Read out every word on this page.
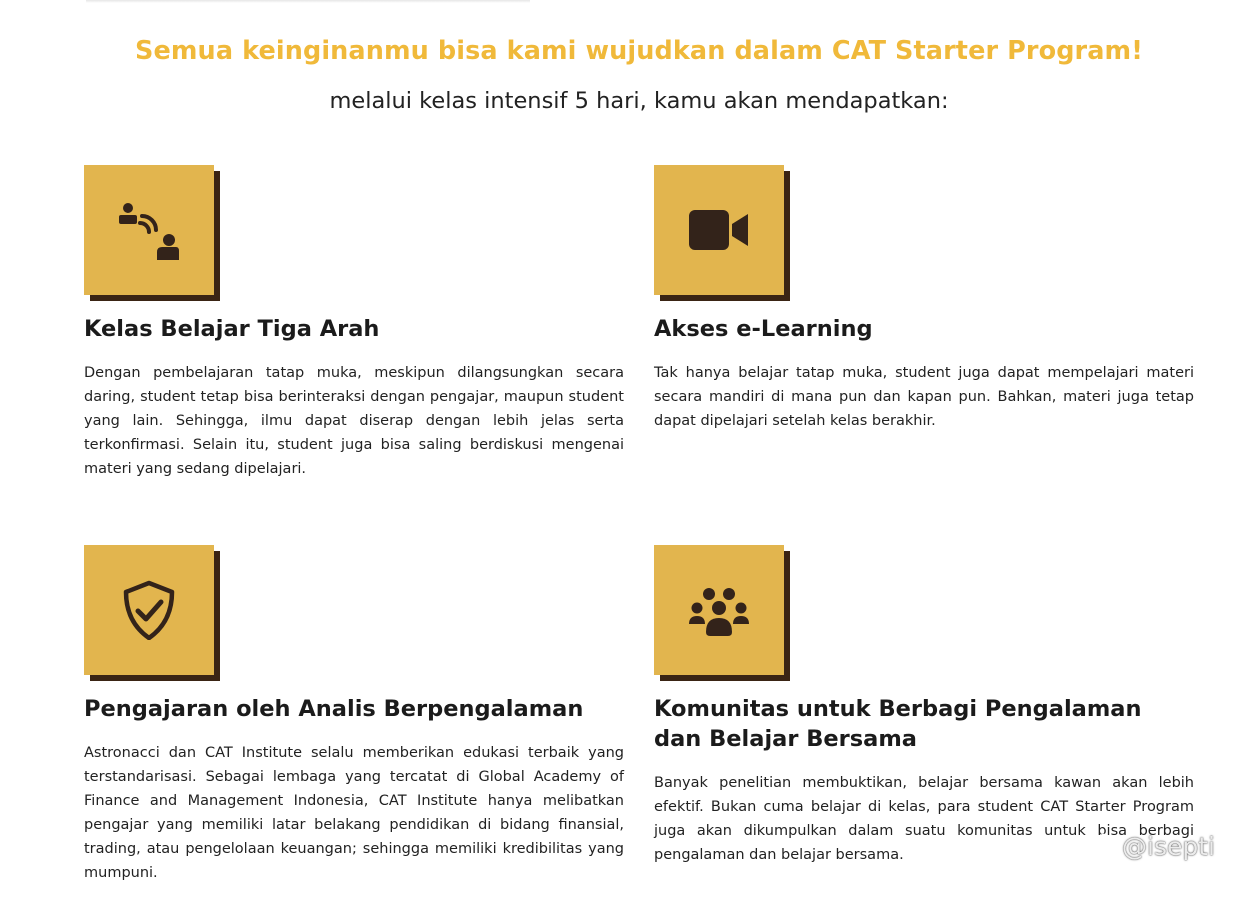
Semua keinginanmu bisa kami wujudkan dalam CAT Starter Program!

melalui kelas intensif 5 hari, kamu akan mendapatkan:

Kelas Belajar Tiga Arah

Dengan pembelajaran tatap muka, meskipun dilangsungkan secara daring, student tetap bisa berinteraksi dengan pengajar, maupun student yang lain. Sehingga, ilmu dapat diserap dengan lebih jelas serta terkonfirmasi. Selain itu, student juga bisa saling berdiskusi mengenai materi yang sedang dipelajari.

Akses e-Learning

Tak hanya belajar tatap muka, student juga dapat mempelajari materi secara mandiri di mana pun dan kapan pun. Bahkan, materi juga tetap dapat dipelajari setelah kelas berakhir.

Pengajaran oleh Analis Berpengalaman

Astronacci dan CAT Institute selalu memberikan edukasi terbaik yang terstandarisasi. Sebagai lembaga yang tercatat di Global Academy of Finance and Management Indonesia, CAT Institute hanya melibatkan pengajar yang memiliki latar belakang pendidikan di bidang finansial, trading, atau pengelolaan keuangan; sehingga memiliki kredibilitas yang mumpuni.

Komunitas untuk Berbagi Pengalaman dan Belajar Bersama

Banyak penelitian membuktikan, belajar bersama kawan akan lebih efektif. Bukan cuma belajar di kelas, para student CAT Starter Program juga akan dikumpulkan dalam suatu komunitas untuk bisa berbagi pengalaman dan belajar bersama.	@isepti
